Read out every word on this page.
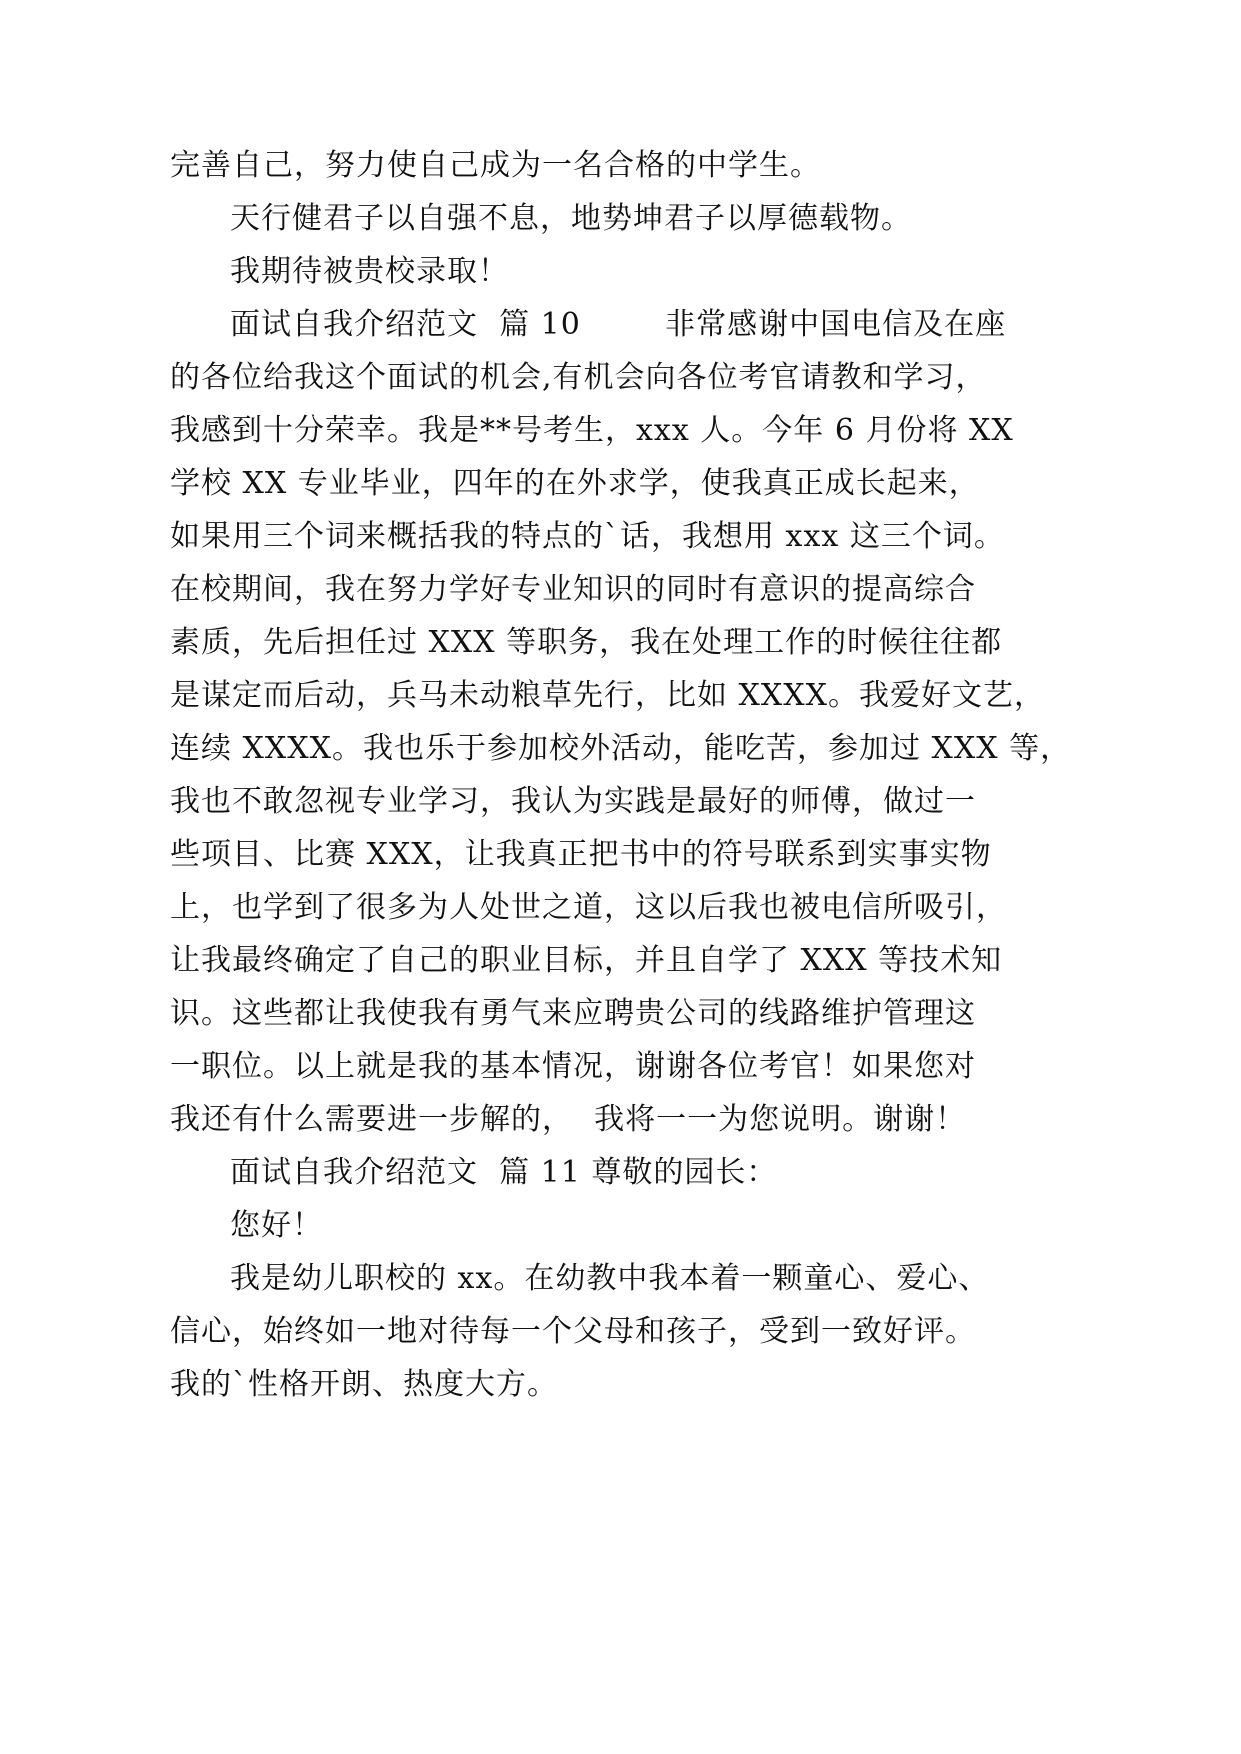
完善自己，努力使自己成为一名合格的中学生。
天行健君子以自强不息，地势坤君子以厚德载物。
我期待被贵校录取！
面试自我介绍范文  篇 10        非常感谢中国电信及在座
的各位给我这个面试的机会,有机会向各位考官请教和学习，
我感到十分荣幸。我是**号考生，xxx 人。今年 6 月份将 XX
学校 XX 专业毕业，四年的在外求学，使我真正成长起来，
如果用三个词来概括我的特点的`话，我想用 xxx 这三个词。
在校期间，我在努力学好专业知识的同时有意识的提高综合
素质，先后担任过 XXX 等职务，我在处理工作的时候往往都
是谋定而后动，兵马未动粮草先行，比如 XXXX。我爱好文艺，
连续 XXXX。我也乐于参加校外活动，能吃苦，参加过 XXX 等，
我也不敢忽视专业学习，我认为实践是最好的师傅，做过一
些项目、比赛 XXX，让我真正把书中的符号联系到实事实物
上，也学到了很多为人处世之道，这以后我也被电信所吸引，
让我最终确定了自己的职业目标，并且自学了 XXX 等技术知
识。这些都让我使我有勇气来应聘贵公司的线路维护管理这
一职位。以上就是我的基本情况，谢谢各位考官！如果您对
我还有什么需要进一步解的，  我将一一为您说明。谢谢！
面试自我介绍范文  篇 11 尊敬的园长：
您好！
我是幼儿职校的 xx。在幼教中我本着一颗童心、爱心、
信心，始终如一地对待每一个父母和孩子，受到一致好评。
我的`性格开朗、热度大方。
